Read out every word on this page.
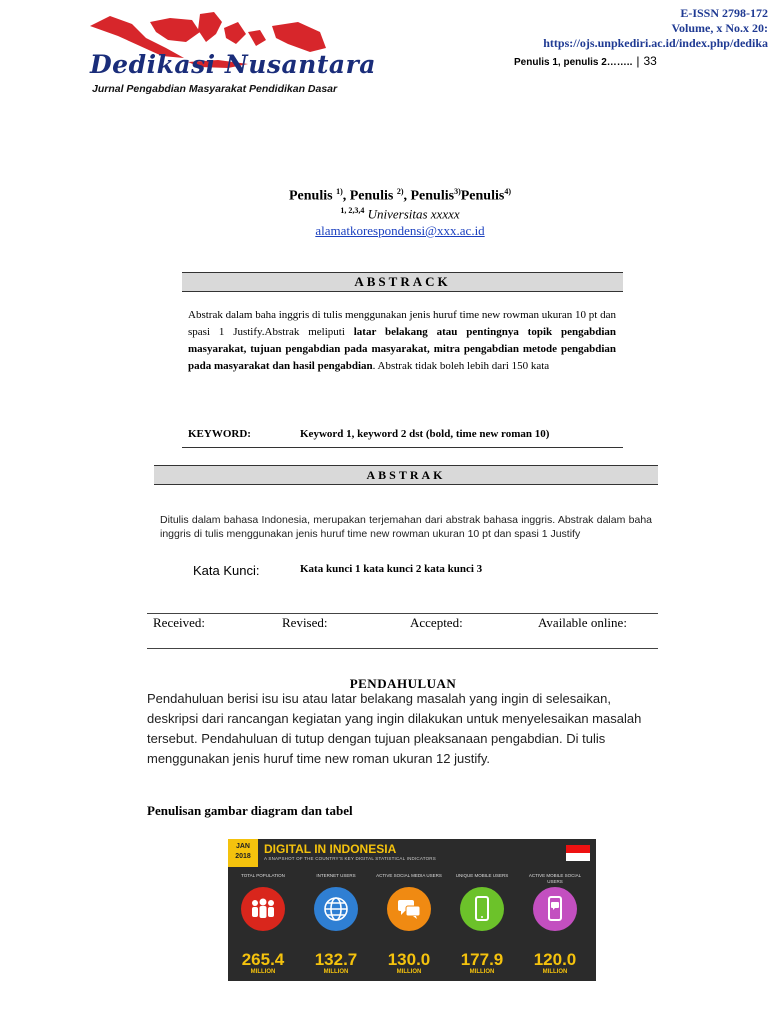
Dedikasi Nusantara
Jurnal Pengabdian Masyarakat Pendidikan Dasar
E-ISSN 2798-172
Volume, x No.x 20:
https://ojs.unpkediri.ac.id/index.php/dedika
Penulis 1, penulis 2…….. | 33
Penulis $^{1)}$, Penulis $^{2)}$, Penulis$^{3)}$Penulis$^{4)}$
$^{1, 2,3,4}$ Universitas xxxxx
alamatkorespondensi@xxx.ac.id
ABSTRACK
Abstrak dalam baha inggris di tulis menggunakan jenis huruf time new rowman ukuran 10 pt dan spasi 1 Justify.Abstrak meliputi latar belakang atau pentingnya topik pengabdian masyarakat, tujuan pengabdian pada masyarakat, mitra pengabdian metode pengabdian pada masyarakat dan hasil pengabdian. Abstrak tidak boleh lebih dari 150 kata
KEYWORD:	Keyword 1, keyword 2 dst (bold, time new roman 10)
ABSTRAK
Ditulis dalam bahasa Indonesia, merupakan terjemahan dari abstrak bahasa inggris. Abstrak dalam baha inggris di tulis menggunakan jenis huruf time new rowman ukuran 10 pt dan spasi 1 Justify
Kata Kunci:	Kata kunci 1 kata kunci 2 kata kunci 3
Received:	Revised:	Accepted:	Available online:
PENDAHULUAN
Pendahuluan berisi isu isu atau latar belakang masalah yang ingin di selesaikan, deskripsi dari rancangan kegiatan yang ingin dilakukan untuk menyelesaikan masalah tersebut. Pendahuluan di tutup dengan tujuan pleaksanaan pengabdian. Di tulis menggunakan jenis huruf time new roman ukuran 12 justify.
Penulisan gambar diagram dan tabel
JAN 2018
DIGITAL IN INDONESIA
A SNAPSHOT OF THE COUNTRY'S KEY DIGITAL STATISTICAL INDICATORS
TOTAL POPULATION
265.4
MILLION
INTERNET USERS
132.7
MILLION
ACTIVE SOCIAL MEDIA USERS
130.0
MILLION
UNIQUE MOBILE USERS
177.9
MILLION
ACTIVE MOBILE SOCIAL USERS
120.0
MILLION
